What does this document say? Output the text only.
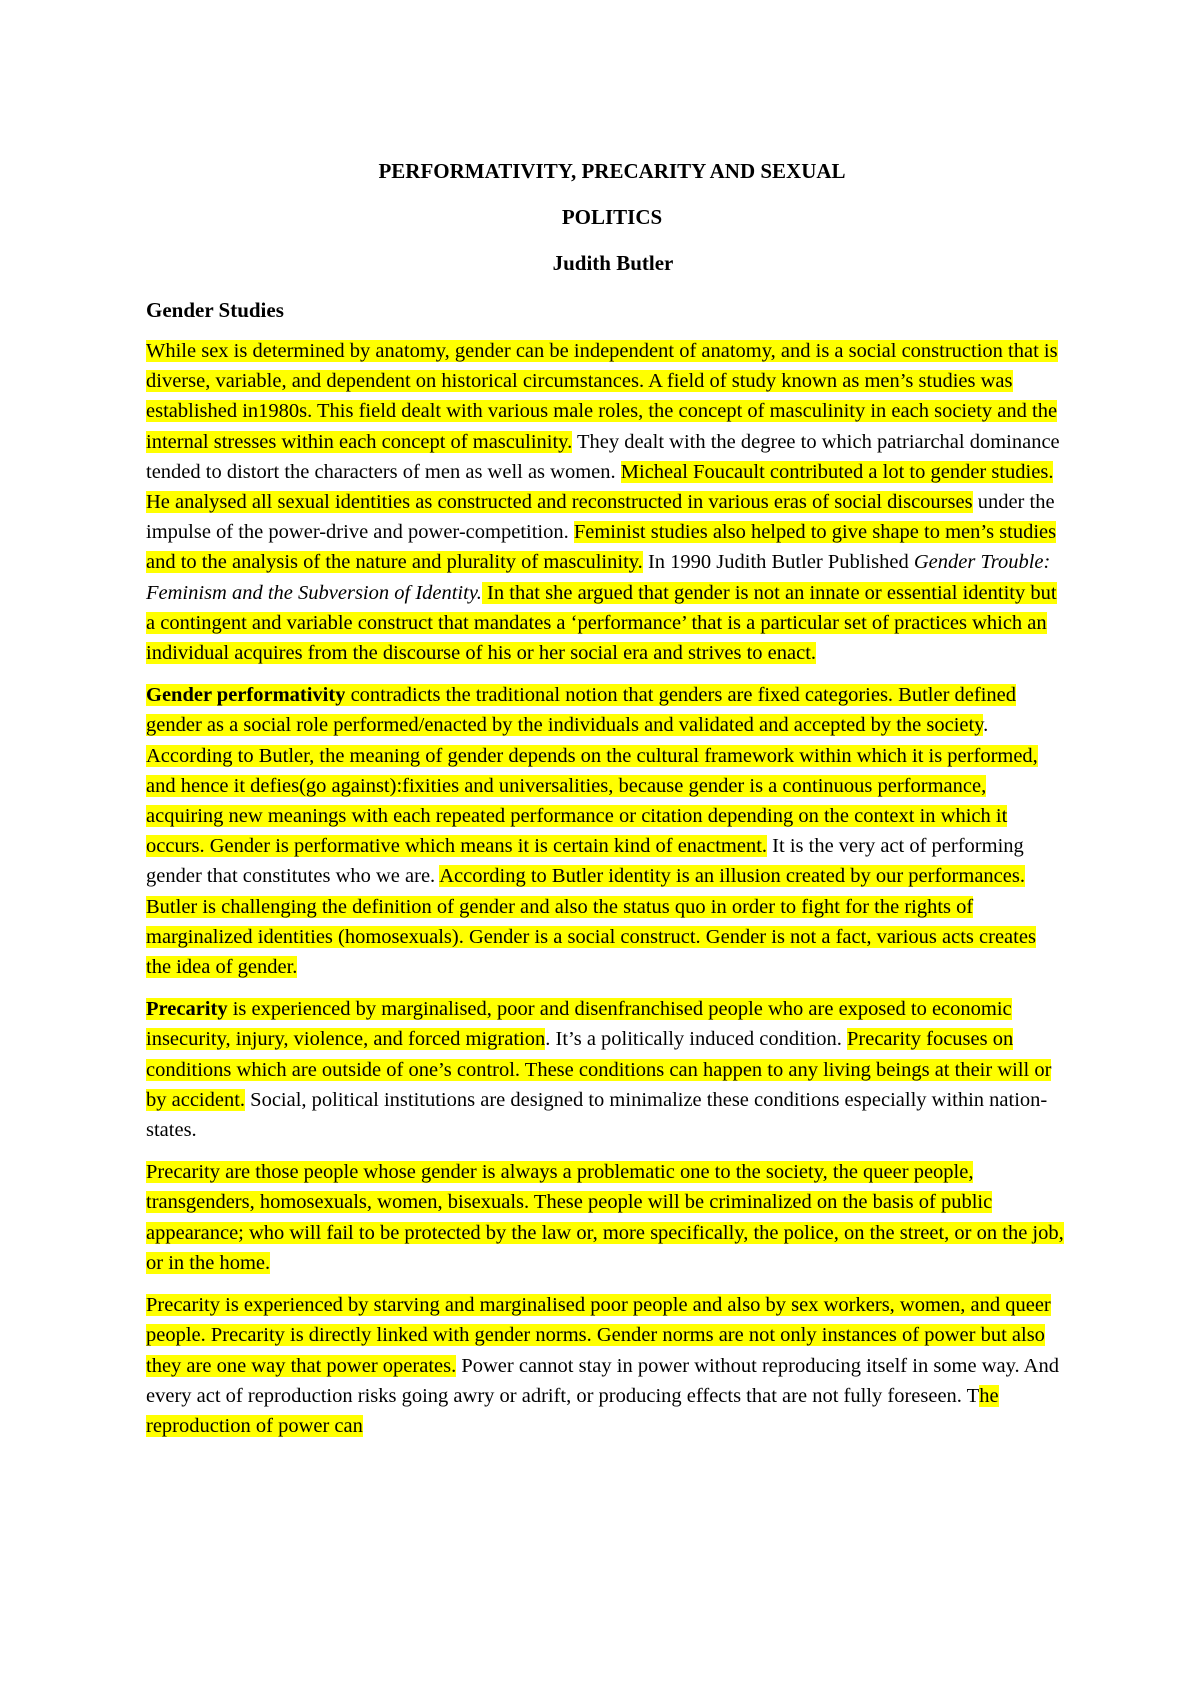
PERFORMATIVITY, PRECARITY AND SEXUAL

POLITICS

Judith Butler

Gender Studies

While sex is determined by anatomy, gender can be independent of anatomy, and is a social construction that is diverse, variable, and dependent on historical circumstances. A field of study known as men’s studies was established in1980s. This field dealt with various male roles, the concept of masculinity in each society and the internal stresses within each concept of masculinity. They dealt with the degree to which patriarchal dominance tended to distort the characters of men as well as women. Micheal Foucault contributed a lot to gender studies. He analysed all sexual identities as constructed and reconstructed in various eras of social discourses under the impulse of the power-drive and power-competition. Feminist studies also helped to give shape to men’s studies and to the analysis of the nature and plurality of masculinity. In 1990 Judith Butler Published Gender Trouble: Feminism and the Subversion of Identity. In that she argued that gender is not an innate or essential identity but a contingent and variable construct that mandates a ‘performance’ that is a particular set of practices which an individual acquires from the discourse of his or her social era and strives to enact.

Gender performativity contradicts the traditional notion that genders are fixed categories. Butler defined gender as a social role performed/enacted by the individuals and validated and accepted by the society. According to Butler, the meaning of gender depends on the cultural framework within which it is performed, and hence it defies(go against):fixities and universalities, because gender is a continuous performance, acquiring new meanings with each repeated performance or citation depending on the context in which it occurs. Gender is performative which means it is certain kind of enactment. It is the very act of performing gender that constitutes who we are. According to Butler identity is an illusion created by our performances. Butler is challenging the definition of gender and also the status quo in order to fight for the rights of marginalized identities (homosexuals). Gender is a social construct. Gender is not a fact, various acts creates the idea of gender.

Precarity is experienced by marginalised, poor and disenfranchised people who are exposed to economic insecurity, injury, violence, and forced migration. It’s a politically induced condition. Precarity focuses on conditions which are outside of one’s control. These conditions can happen to any living beings at their will or by accident. Social, political institutions are designed to minimalize these conditions especially within nation-states.

Precarity are those people whose gender is always a problematic one to the society, the queer people, transgenders, homosexuals, women, bisexuals. These people will be criminalized on the basis of public appearance; who will fail to be protected by the law or, more specifically, the police, on the street, or on the job, or in the home.

Precarity is experienced by starving and marginalised poor people and also by sex workers, women, and queer people. Precarity is directly linked with gender norms. Gender norms are not only instances of power but also they are one way that power operates. Power cannot stay in power without reproducing itself in some way. And every act of reproduction risks going awry or adrift, or producing effects that are not fully foreseen. The reproduction of power can
